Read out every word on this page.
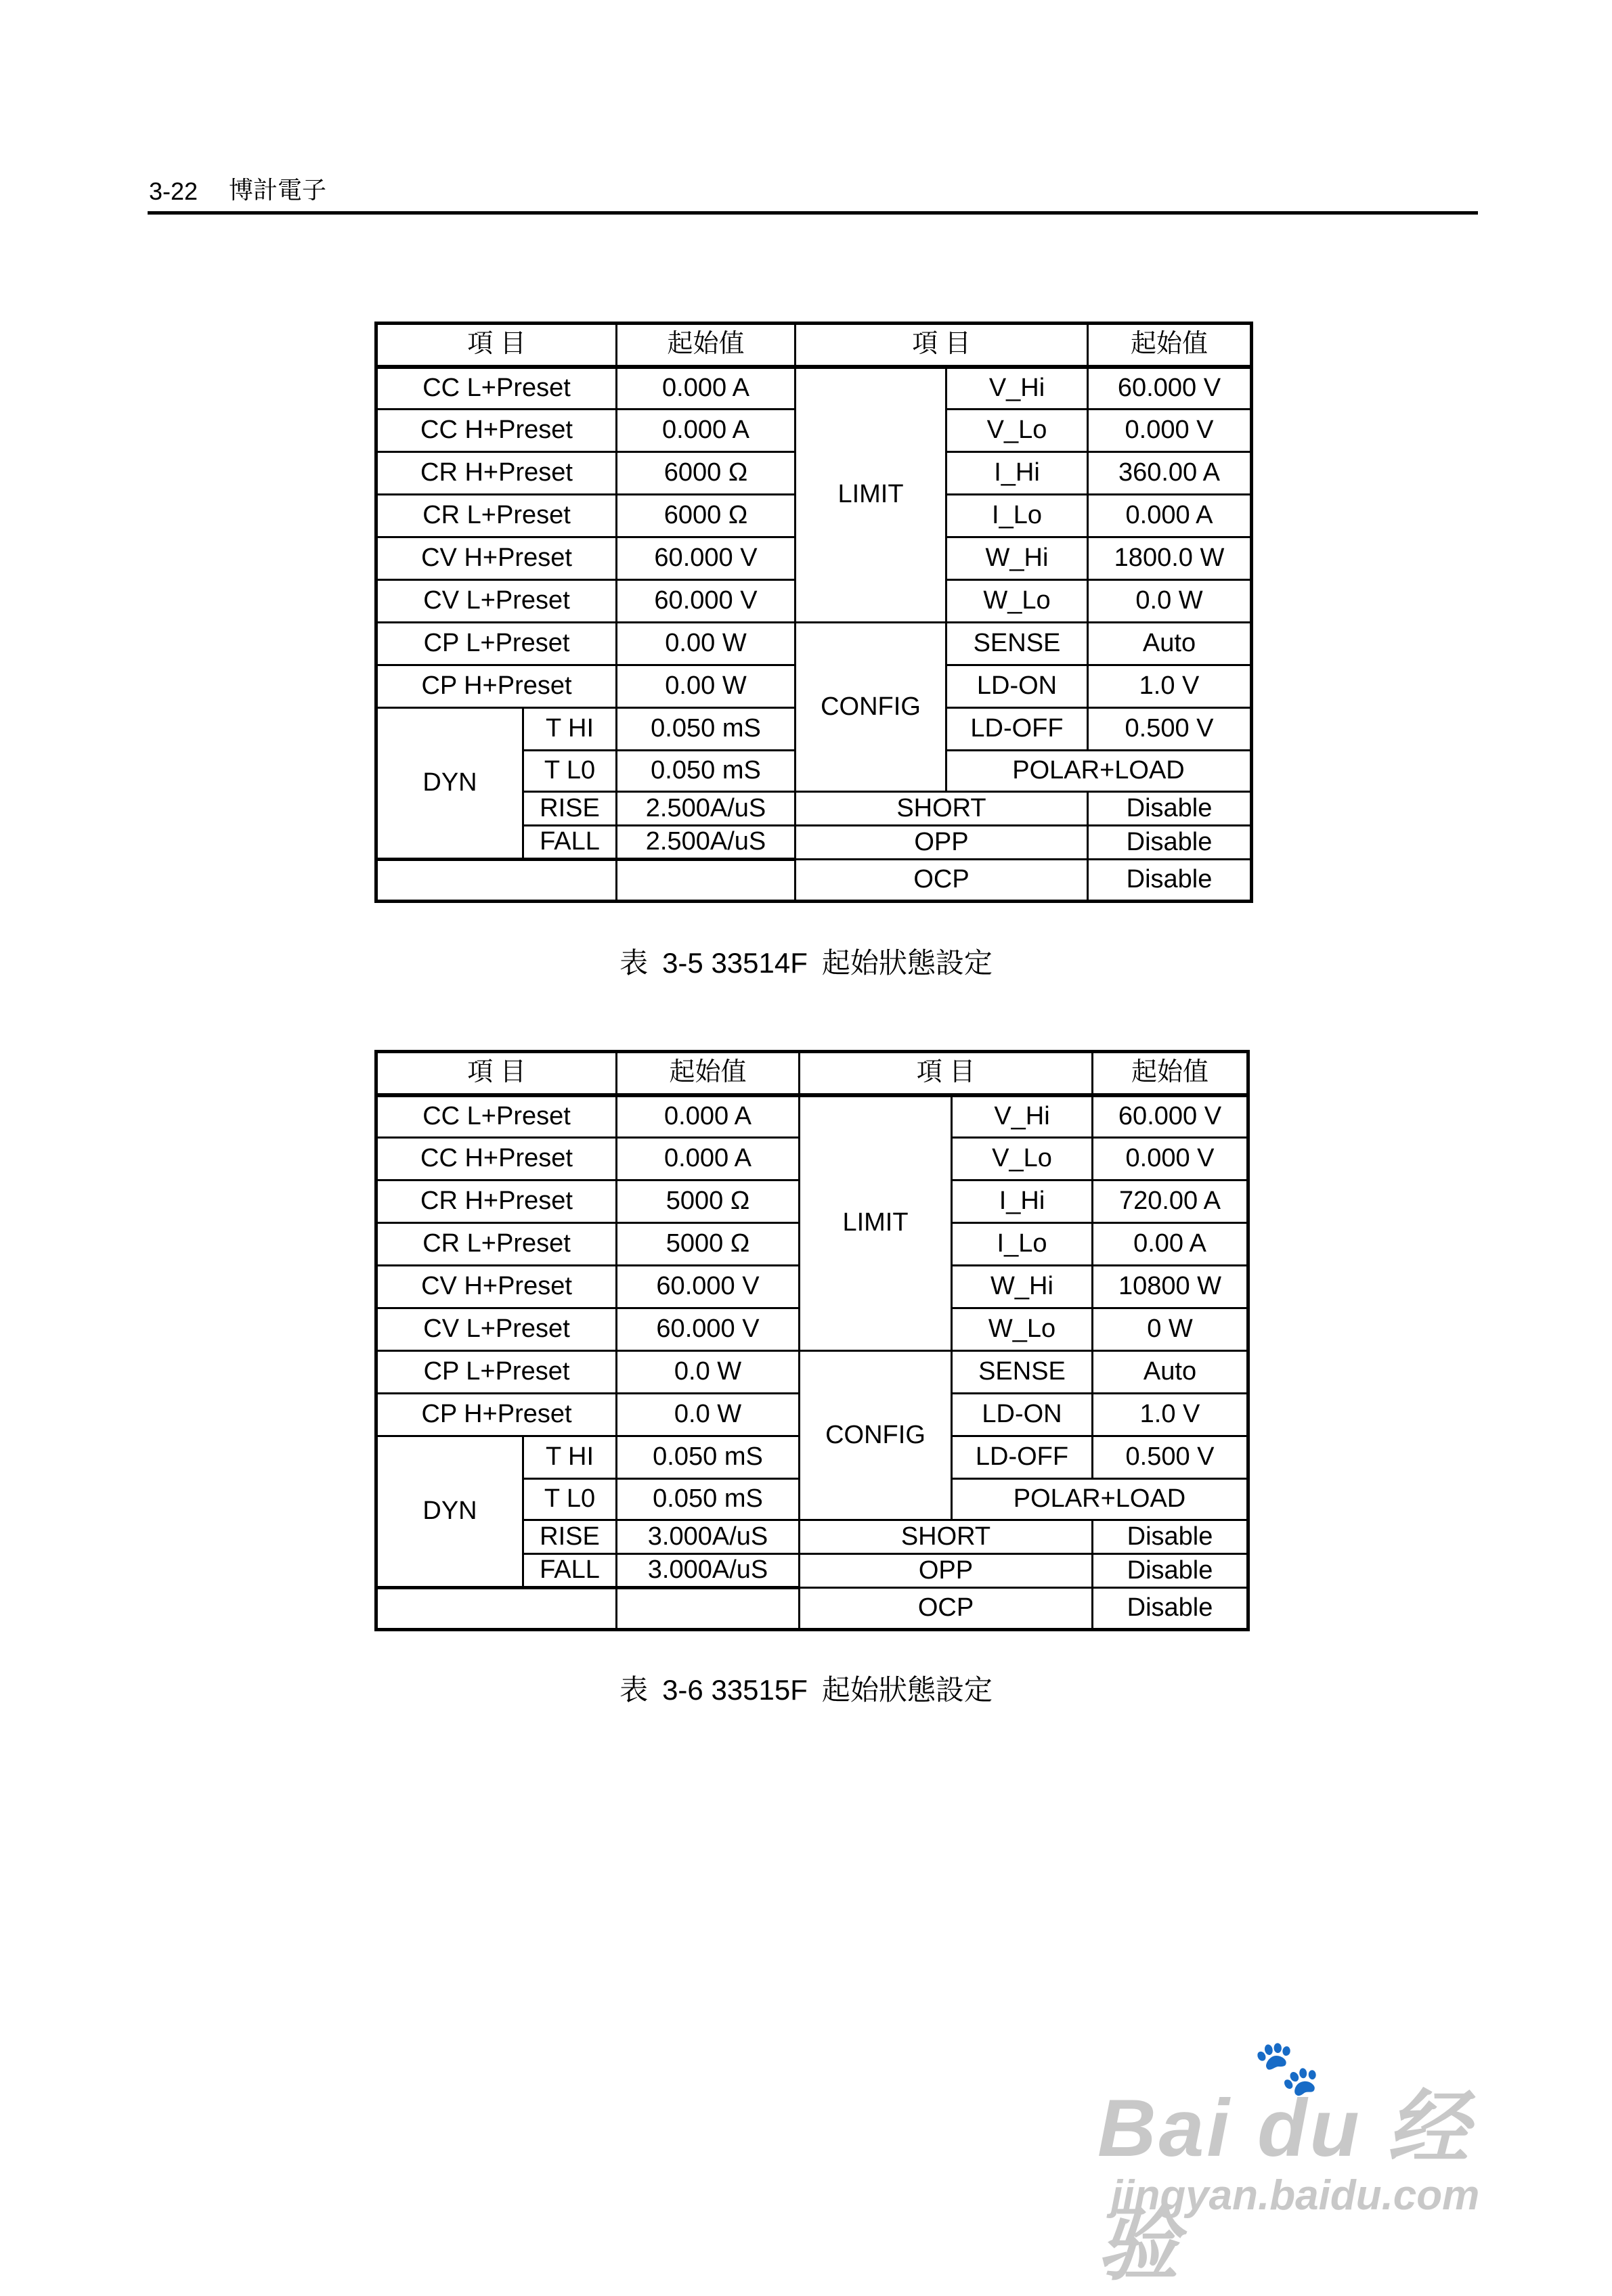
3-22 博計電子
項 目		起始值	項 目		起始值
CC L+Preset		0.000 A	LIMIT	V_Hi	60.000 V
CC H+Preset		0.000 A		V_Lo	0.000 V
CR H+Preset		6000 Ω		I_Hi	360.00 A
CR L+Preset		6000 Ω		I_Lo	0.000 A
CV H+Preset		60.000 V		W_Hi	1800.0 W
CV L+Preset		60.000 V		W_Lo	0.0 W
CP L+Preset		0.00 W	CONFIG	SENSE	Auto
CP H+Preset		0.00 W		LD-ON	1.0 V
DYN	T HI	0.050 mS		LD-OFF	0.500 V
	T L0	0.050 mS		POLAR+LOAD	
	RISE	2.500A/uS	SHORT		Disable
	FALL	2.500A/uS	OPP		Disable
			OCP		Disable
表 3-5 33514F 起始狀態設定
項 目		起始值	項 目		起始值
CC L+Preset		0.000 A	LIMIT	V_Hi	60.000 V
CC H+Preset		0.000 A		V_Lo	0.000 V
CR H+Preset		5000 Ω		I_Hi	720.00 A
CR L+Preset		5000 Ω		I_Lo	0.00 A
CV H+Preset		60.000 V		W_Hi	10800 W
CV L+Preset		60.000 V		W_Lo	0 W
CP L+Preset		0.0 W	CONFIG	SENSE	Auto
CP H+Preset		0.0 W		LD-ON	1.0 V
DYN	T HI	0.050 mS		LD-OFF	0.500 V
	T L0	0.050 mS		POLAR+LOAD	
	RISE	3.000A/uS	SHORT		Disable
	FALL	3.000A/uS	OPP		Disable
			OCP		Disable
表 3-6 33515F 起始狀態設定
Bai du 经验
🐾
jingyan.baidu.com
